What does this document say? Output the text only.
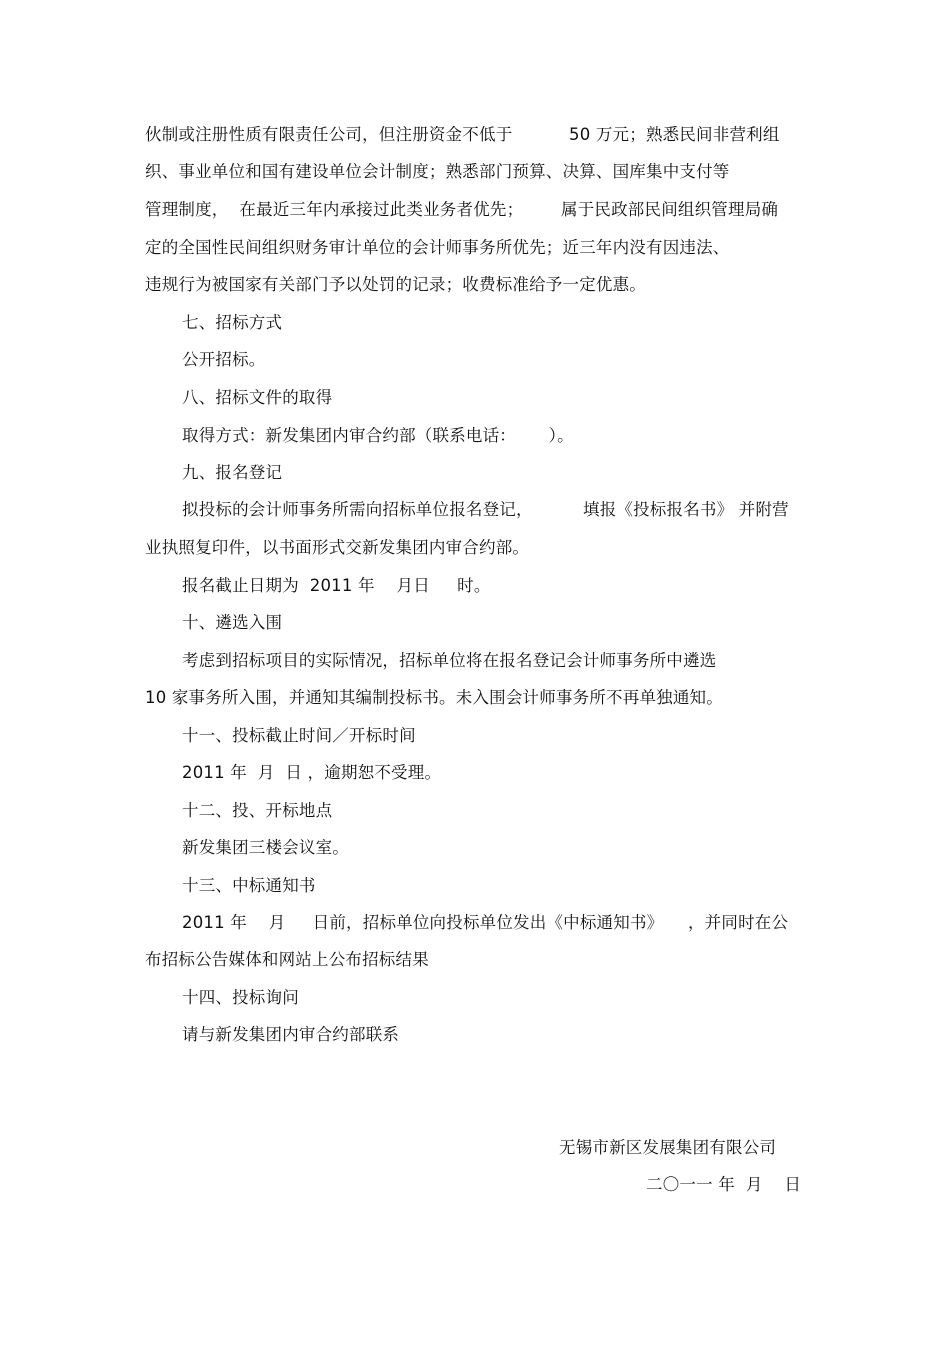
伙制或注册性质有限责任公司，但注册资金不低于

	50 万元；熟悉民间非营利组

织、事业单位和国有建设单位会计制度；熟悉部门预算、决算、国库集中支付等

管理制度，  在最近三年内承接过此类业务者优先；

属于民政部民间组织管理局确

定的全国性民间组织财务审计单位的会计师事务所优先；近三年内没有因违法、
违规行为被国家有关部门予以处罚的记录；收费标准给予一定优惠。
七、招标方式
公开招标。
八、招标文件的取得
取得方式：新发集团内审合约部（联系电话：      ）。
九、报名登记

拟投标的会计师事务所需向招标单位报名登记，

	填报《投标报名书》 并附营

业执照复印件，以书面形式交新发集团内审合约部。
报名截止日期为  2011 年    月日     时。
十、遴选入围
考虑到招标项目的实际情况，招标单位将在报名登记会计师事务所中遴选
10 家事务所入围，并通知其编制投标书。未入围会计师事务所不再单独通知。
十一、投标截止时间／开标时间
2011 年  月  日 ，逾期恕不受理。
十二、投、开标地点
新发集团三楼会议室。
十三、中标通知书

2011 年    月     日前，招标单位向投标单位发出《中标通知书》

，并同时在公

布招标公告媒体和网站上公布招标结果
十四、投标询问
请与新发集团内审合约部联系
无锡市新区发展集团有限公司
二〇一一 年  月    日
